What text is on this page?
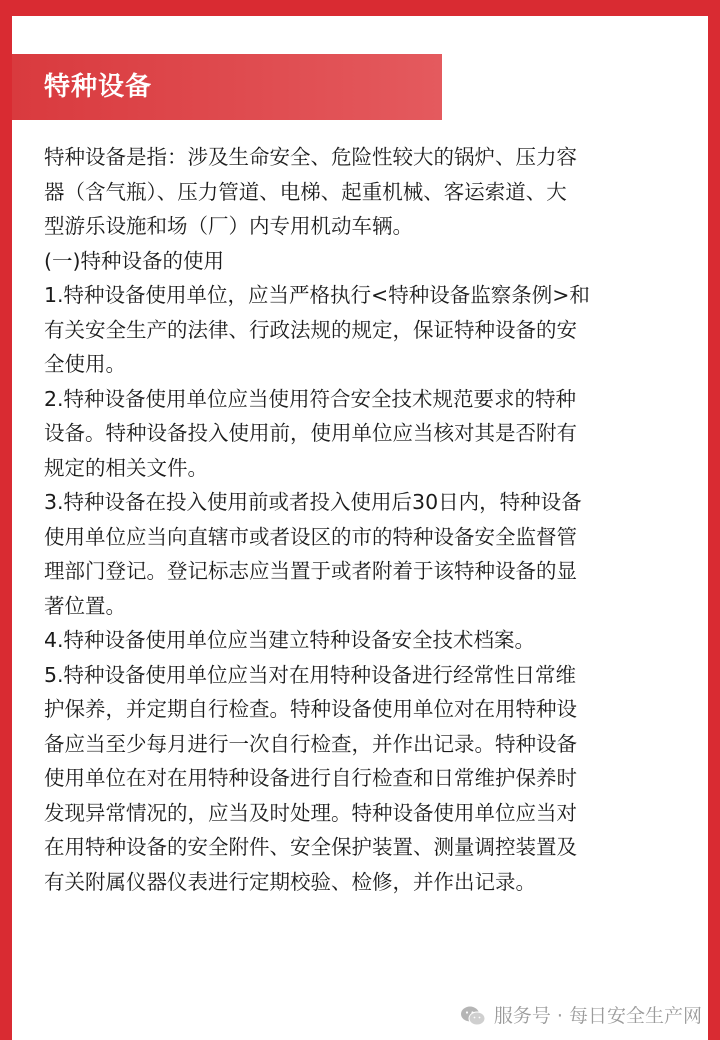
特种设备
特种设备是指：涉及生命安全、危险性较大的锅炉、压力容
器（含气瓶）、压力管道、电梯、起重机械、客运索道、大
型游乐设施和场（厂）内专用机动车辆。
(一)特种设备的使用
1.特种设备使用单位，应当严格执行<特种设备监察条例>和
有关安全生产的法律、行政法规的规定，保证特种设备的安
全使用。
2.特种设备使用单位应当使用符合安全技术规范要求的特种
设备。特种设备投入使用前，使用单位应当核对其是否附有
规定的相关文件。
3.特种设备在投入使用前或者投入使用后30日内，特种设备
使用单位应当向直辖市或者设区的市的特种设备安全监督管
理部门登记。登记标志应当置于或者附着于该特种设备的显
著位置。
4.特种设备使用单位应当建立特种设备安全技术档案。
5.特种设备使用单位应当对在用特种设备进行经常性日常维
护保养，并定期自行检查。特种设备使用单位对在用特种设
备应当至少每月进行一次自行检查，并作出记录。特种设备
使用单位在对在用特种设备进行自行检查和日常维护保养时
发现异常情况的，应当及时处理。特种设备使用单位应当对
在用特种设备的安全附件、安全保护装置、测量调控装置及
有关附属仪器仪表进行定期校验、检修，并作出记录。
服务号 · 每日安全生产网
